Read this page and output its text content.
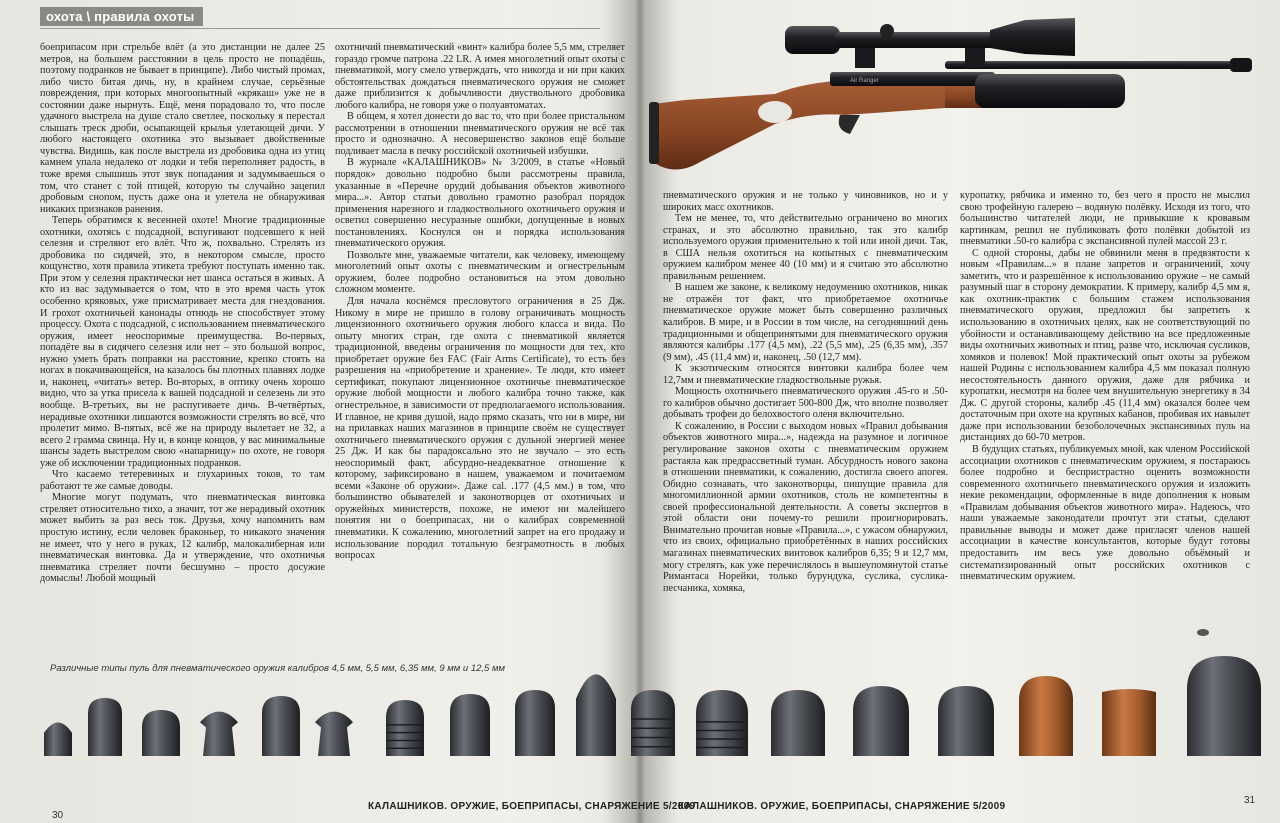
охота \ правила охоты

боеприпасом при стрельбе влёт (а это дистанции не далее 25 метров, на большем расстоянии в цель просто не попадёшь, поэтому подранков не бывает в принципе). Либо чистый промах, либо чисто битая дичь, ну, в крайнем случае, серьёзные повреждения, при которых многоопытный «крякаш» уже не в состоянии даже нырнуть. Ещё, меня порадовало то, что после удачного выстрела на душе стало светлее, поскольку я перестал слышать треск дроби, осыпающей крылья улетающей дичи. У любого настоящего охотника это вызывает двойственные чувства. Видишь, как после выстрела из дробовика одна из утиц камнем упала недалеко от лодки и тебя переполняет радость, в тоже время слышишь этот звук попадания и задумываешься о том, что станет с той птицей, которую ты случайно зацепил дробовым снопом, пусть даже она и улетела не обнаруживая никаких признаков ранения.

Теперь обратимся к весенней охоте! Многие традиционные охотники, охотясь с подсадной, вспугивают подсевшего к ней селезня и стреляют его влёт. Что ж, похвально. Стрелять из дробовика по сидячей, это, в некотором смысле, просто кощунство, хотя правила этикета требуют поступать именно так. При этом у селезня практически нет шанса остаться в живых. А кто из вас задумывается о том, что в это время часть уток особенно кряковых, уже присматривает места для гнездования. И грохот охотничьей канонады отнюдь не способствует этому процессу. Охота с подсадной, с использованием пневматического оружия, имеет неоспоримые преимущества. Во-первых, попадёте вы в сидячего селезня или нет – это большой вопрос, нужно уметь брать поправки на расстояние, крепко стоять на ногах в покачивающейся, на казалось бы плотных плавнях лодке и, наконец, «читать» ветер. Во-вторых, в оптику очень хорошо видно, что за утка присела к вашей подсадной и селезень ли это вообще. В-третьих, вы не распугиваете дичь. В-четвёртых, нерадивые охотники лишаются возможности стрелять во всё, что пролетит мимо. В-пятых, всё же на природу вылетает не 32, а всего 2 грамма свинца. Ну и, в конце концов, у вас минимальные шансы задеть выстрелом свою «напарницу» по охоте, не говоря уже об исключении традиционных подранков.

Что касаемо тетеревиных и глухариных токов, то там работают те же самые доводы.

Многие могут подумать, что пневматическая винтовка стреляет относительно тихо, а значит, тот же нерадивый охотник может выбить за раз весь ток. Друзья, хочу напомнить вам простую истину, если человек браконьер, то никакого значения не имеет, что у него в руках, 12 калибр, малокалиберная или пневматическая винтовка. Да и утверждение, что охотничья пневматика стреляет почти бесшумно – просто досужие домыслы! Любой мощный

охотничий пневматический «винт» калибра более 5,5 мм, стреляет гораздо громче патрона .22 LR. А имея многолетний опыт охоты с пневматикой, могу смело утверждать, что никогда и ни при каких обстоятельствах дождаться пневматического оружия не сможет даже приблизится к добычливости двуствольного дробовика любого калибра, не говоря уже о полуавтоматах.

В общем, я хотел донести до вас то, что при более пристальном рассмотрении в отношении пневматического оружия не всё так просто и однозначно. А несовершенство законов ещё больше подливает масла в печку российской охотничьей избушки.

В журнале «КАЛАШНИКОВ» № 3/2009, в статье «Новый порядок» довольно подробно были рассмотрены правила, указанные в «Перечне орудий добывания объектов животного мира...». Автор статьи довольно грамотно разобрал порядок применения нарезного и гладкоствольного охотничьего оружия и осветил совершенно несуразные ошибки, допущенные в новых постановлениях. Коснулся он и порядка использования пневматического оружия.

Позвольте мне, уважаемые читатели, как человеку, имеющему многолетний опыт охоты с пневматическим и огнестрельным оружием, более подробно остановиться на этом довольно сложном моменте.

Для начала коснёмся пресловутого ограничения в 25 Дж. Никому в мире не пришло в голову ограничивать мощность лицензионного охотничьего оружия любого класса и вида. По опыту многих стран, где охота с пневматикой является традиционной, введены ограничения по мощности для тех, кто приобретает оружие без FAC (Fair Arms Certificate), то есть без разрешения на «приобретение и хранение». Те люди, кто имеет сертификат, покупают лицензионное охотничье пневматическое оружие любой мощности и любого калибра точно также, как огнестрельное, в зависимости от предполагаемого использования. И главное, не кривя душой, надо прямо сказать, что ни в мире, ни на прилавках наших магазинов в принципе своём не существует охотничьего пневматического оружия с дульной энергией менее 25 Дж. И как бы парадоксально это не звучало – это есть неоспоримый факт, абсурдно-неадекватное отношение к которому, зафиксировано в нашем, уважаемом и почитаемом всеми «Законе об оружии». Даже cal. .177 (4,5 мм.) в том, что большинство обывателей и законотворцев от охотничьих и оружейных министерств, похоже, не имеют ни малейшего понятия ни о боеприпасах, ни о калибрах современной пневматики. К сожалению, многолетний запрет на его продажу и использование породил тотальную безграмотность в любых вопросах

Различные типы пуль для пневматического оружия калибров 4,5 мм, 5,5 мм, 6,35 мм, 9 мм и 12,5 мм
КАЛАШНИКОВ. ОРУЖИЕ, БОЕПРИПАСЫ, СНАРЯЖЕНИЕ 5/2009
30

пневматического оружия и не только у чиновников, но и у широких масс охотников.

Тем не менее, то, что действительно ограничено во многих странах, и это абсолютно правильно, так это калибр используемого оружия применительно к той или иной дичи. Так, в США нельзя охотиться на копытных с пневматическим оружием калибром менее 40 (10 мм) и я считаю это абсолютно правильным решением.

В нашем же законе, к великому недоумению охотников, никак не отражён тот факт, что приобретаемое охотничье пневматическое оружие может быть совершенно различных калибров. В мире, и в России в том числе, на сегодняшний день традиционными и общепринятыми для пневматического оружия являются калибры .177 (4,5 мм), .22 (5,5 мм), .25 (6,35 мм), .357 (9 мм), .45 (11,4 мм) и, наконец, .50 (12,7 мм).

К экзотическим относятся винтовки калибра более чем 12,7мм и пневматические гладкоствольные ружья.

Мощность охотничьего пневматического оружия .45-го и .50-го калибров обычно достигает 500-800 Дж, что вполне позволяет добывать трофеи до белохвостого оленя включительно.

К сожалению, в России с выходом новых «Правил добывания объектов животного мира...», надежда на разумное и логичное регулирование законов охоты с пневматическим оружием растаяла как предрассветный туман. Абсурдность нового закона в отношении пневматики, к сожалению, достигла своего апогея. Обидно сознавать, что законотворцы, пишущие правила для многомиллионной армии охотников, столь не компетентны в своей профессиональной деятельности. А советы экспертов в этой области они почему-то решили проигнорировать. Внимательно прочитав новые «Правила...», с ужасом обнаружил, что из своих, официально приобретённых в наших российских магазинах пневматических винтовок калибров 6,35; 9 и 12,7 мм, могу стрелять, как уже перечислялось в вышеупомянутой статье Римантаса Норейки, только бурундука, суслика, суслика-песчаника, хомяка,

куропатку, рябчика и именно то, без чего я просто не мыслил свою трофейную галерею – водяную полёвку. Исходя из того, что большинство читателей люди, не привыкшие к кровавым картинкам, решил не публиковать фото полёвки добытой из пневматики .50-го калибра с экспансивной пулей массой 23 г.

С одной стороны, дабы не обвинили меня в предвзятости к новым «Правилам...» в плане запретов и ограничений, хочу заметить, что и разрешённое к использованию оружие – не самый разумный шаг в сторону демократии. К примеру, калибр 4,5 мм я, как охотник-практик с большим стажем использования пневматического оружия, предложил бы запретить к использованию в охотничьих целях, как не соответствующий по убойности и останавливающему действию на все предложенные виды охотничьих животных и птиц, разве что, исключая сусликов, хомяков и полевок! Мой практический опыт охоты за рубежом нашей Родины с использованием калибра 4,5 мм показал полную несостоятельность данного оружия, даже для рябчика и куропатки, несмотря на более чем внушительную энергетику в 34 Дж. С другой стороны, калибр .45 (11,4 мм) оказался более чем достаточным при охоте на крупных кабанов, пробивая их навылет даже при использовании безоболочечных экспансивных пуль на дистанциях до 60-70 метров.

В будущих статьях, публикуемых мной, как членом Российской ассоциации охотников с пневматическим оружием, я постараюсь более подробно и беспристрастно оценить возможности современного охотничьего пневматического оружия и изложить некие рекомендации, оформленные в виде дополнения к новым «Правилам добывания объектов животного мира». Надеюсь, что наши уважаемые законодатели прочтут эти статьи, сделают правильные выводы и может даже пригласят членов нашей ассоциации в качестве консультантов, которые будут готовы предоставить им весь уже довольно объёмный и систематизированный опыт российских охотников с пневматическим оружием.

КАЛАШНИКОВ. ОРУЖИЕ, БОЕПРИПАСЫ, СНАРЯЖЕНИЕ 5/2009
31
Air Ranger
